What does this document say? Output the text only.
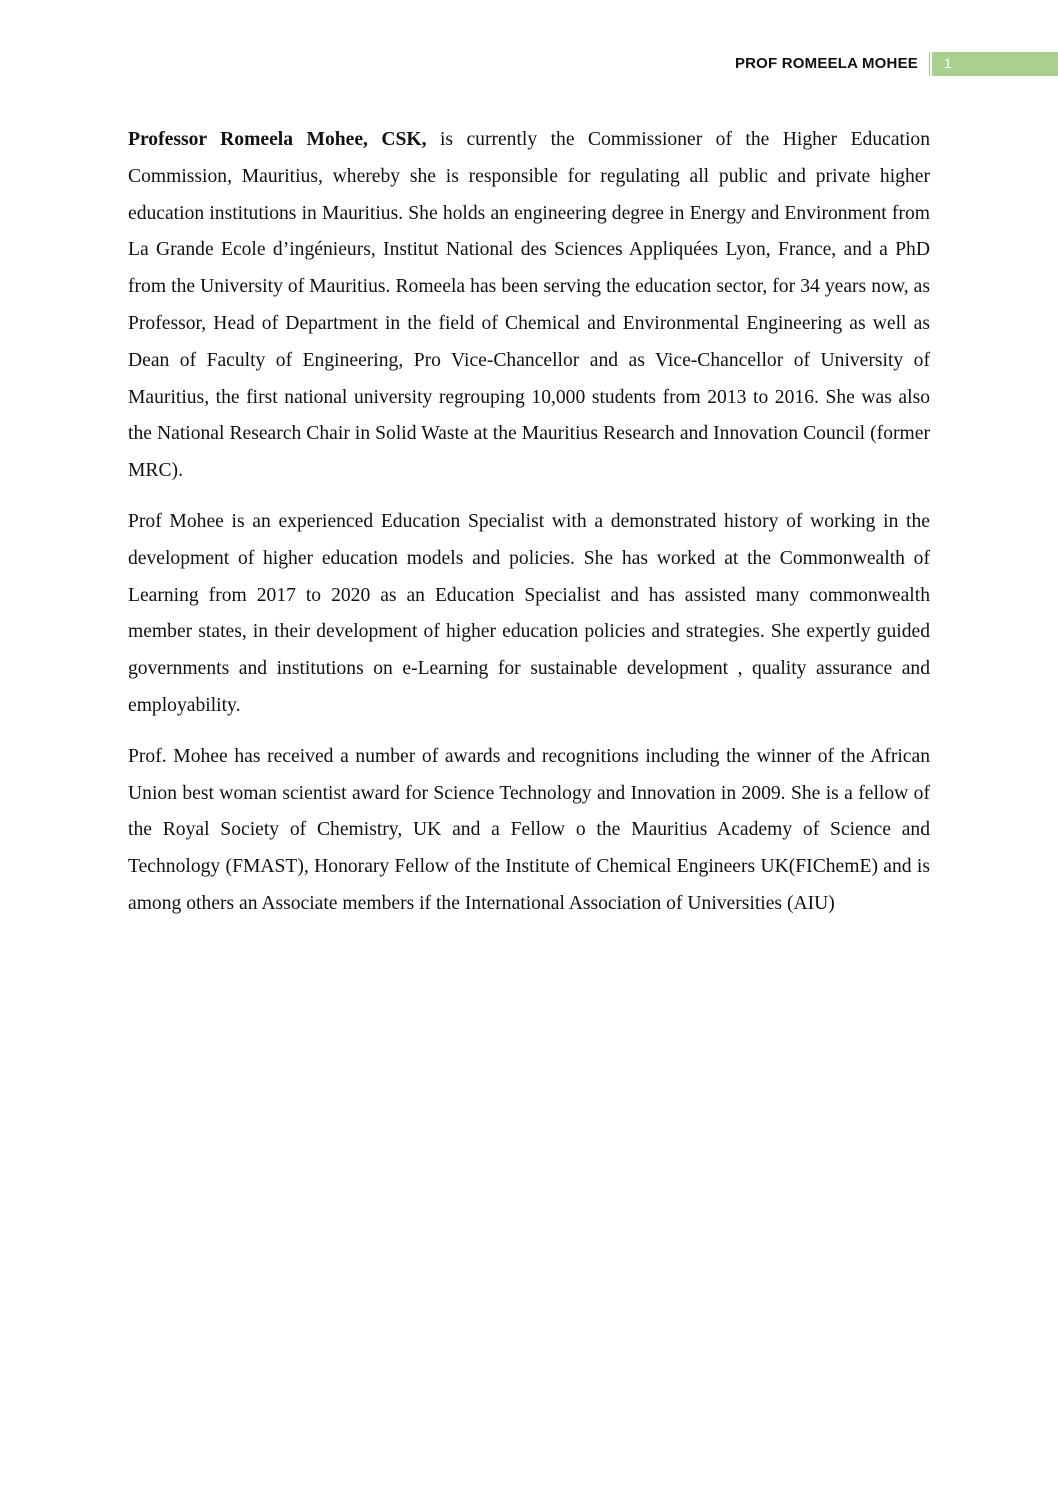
PROF ROMEELA MOHEE 1

Professor Romeela Mohee, CSK, is currently the Commissioner of the Higher Education Commission, Mauritius, whereby she is responsible for regulating all public and private higher education institutions in Mauritius. She holds an engineering degree in Energy and Environment from La Grande Ecole d’ingénieurs, Institut National des Sciences Appliquées Lyon, France, and a PhD from the University of Mauritius. Romeela has been serving the education sector, for 34 years now, as Professor, Head of Department in the field of Chemical and Environmental Engineering as well as Dean of Faculty of Engineering, Pro Vice-Chancellor and as Vice-Chancellor of University of Mauritius, the first national university regrouping 10,000 students from 2013 to 2016. She was also the National Research Chair in Solid Waste at the Mauritius Research and Innovation Council (former MRC).

Prof Mohee is an experienced Education Specialist with a demonstrated history of working in the development of higher education models and policies. She has worked at the Commonwealth of Learning from 2017 to 2020 as an Education Specialist and has assisted many commonwealth member states, in their development of higher education policies and strategies. She expertly guided governments and institutions on e-Learning for sustainable development , quality assurance and employability.

Prof. Mohee has received a number of awards and recognitions including the winner of the African Union best woman scientist award for Science Technology and Innovation in 2009. She is a fellow of the Royal Society of Chemistry, UK and a Fellow o the Mauritius Academy of Science and Technology (FMAST), Honorary Fellow of the Institute of Chemical Engineers UK(FIChemE) and is among others an Associate members if the International Association of Universities (AIU)
